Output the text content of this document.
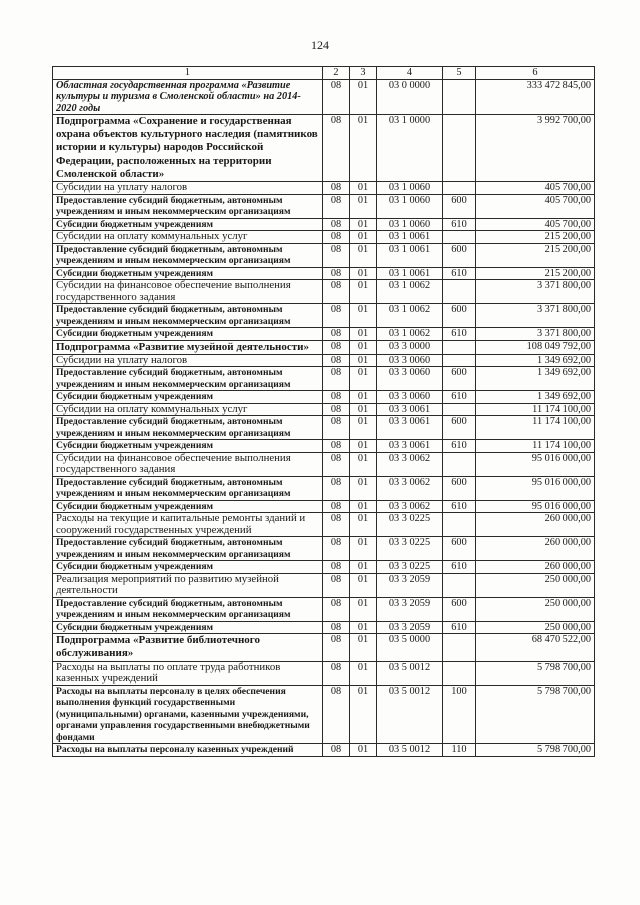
124
1	2	3	4	5	6
Областная государственная программа «Развитие культуры и туризма в Смоленской области» на 2014-2020 годы	08	01	03 0 0000		333 472 845,00
Подпрограмма «Сохранение и государственная охрана объектов культурного наследия (памятников истории и культуры) народов Российской Федерации, расположенных на территории Смоленской области»	08	01	03 1 0000		3 992 700,00
Субсидии на уплату налогов	08	01	03 1 0060		405 700,00
Предоставление субсидий бюджетным, автономным учреждениям и иным некоммерческим организациям	08	01	03 1 0060	600	405 700,00
Субсидии бюджетным учреждениям	08	01	03 1 0060	610	405 700,00
Субсидии на оплату коммунальных услуг	08	01	03 1 0061		215 200,00
Предоставление субсидий бюджетным, автономным учреждениям и иным некоммерческим организациям	08	01	03 1 0061	600	215 200,00
Субсидии бюджетным учреждениям	08	01	03 1 0061	610	215 200,00
Субсидии на финансовое обеспечение выполнения государственного задания	08	01	03 1 0062		3 371 800,00
Предоставление субсидий бюджетным, автономным учреждениям и иным некоммерческим организациям	08	01	03 1 0062	600	3 371 800,00
Субсидии бюджетным учреждениям	08	01	03 1 0062	610	3 371 800,00
Подпрограмма «Развитие музейной деятельности»	08	01	03 3 0000		108 049 792,00
Субсидии на уплату налогов	08	01	03 3 0060		1 349 692,00
Предоставление субсидий бюджетным, автономным учреждениям и иным некоммерческим организациям	08	01	03 3 0060	600	1 349 692,00
Субсидии бюджетным учреждениям	08	01	03 3 0060	610	1 349 692,00
Субсидии на оплату коммунальных услуг	08	01	03 3 0061		11 174 100,00
Предоставление субсидий бюджетным, автономным учреждениям и иным некоммерческим организациям	08	01	03 3 0061	600	11 174 100,00
Субсидии бюджетным учреждениям	08	01	03 3 0061	610	11 174 100,00
Субсидии на финансовое обеспечение выполнения государственного задания	08	01	03 3 0062		95 016 000,00
Предоставление субсидий бюджетным, автономным учреждениям и иным некоммерческим организациям	08	01	03 3 0062	600	95 016 000,00
Субсидии бюджетным учреждениям	08	01	03 3 0062	610	95 016 000,00
Расходы на текущие и капитальные ремонты зданий и сооружений государственных учреждений	08	01	03 3 0225		260 000,00
Предоставление субсидий бюджетным, автономным учреждениям и иным некоммерческим организациям	08	01	03 3 0225	600	260 000,00
Субсидии бюджетным учреждениям	08	01	03 3 0225	610	260 000,00
Реализация мероприятий по развитию музейной деятельности	08	01	03 3 2059		250 000,00
Предоставление субсидий бюджетным, автономным учреждениям и иным некоммерческим организациям	08	01	03 3 2059	600	250 000,00
Субсидии бюджетным учреждениям	08	01	03 3 2059	610	250 000,00
Подпрограмма «Развитие библиотечного обслуживания»	08	01	03 5 0000		68 470 522,00
Расходы на выплаты по оплате труда работников казенных учреждений	08	01	03 5 0012		5 798 700,00
Расходы на выплаты персоналу в целях обеспечения выполнения функций государственными (муниципальными) органами, казенными учреждениями, органами управления государственными внебюджетными фондами	08	01	03 5 0012	100	5 798 700,00
Расходы на выплаты персоналу казенных учреждений	08	01	03 5 0012	110	5 798 700,00
